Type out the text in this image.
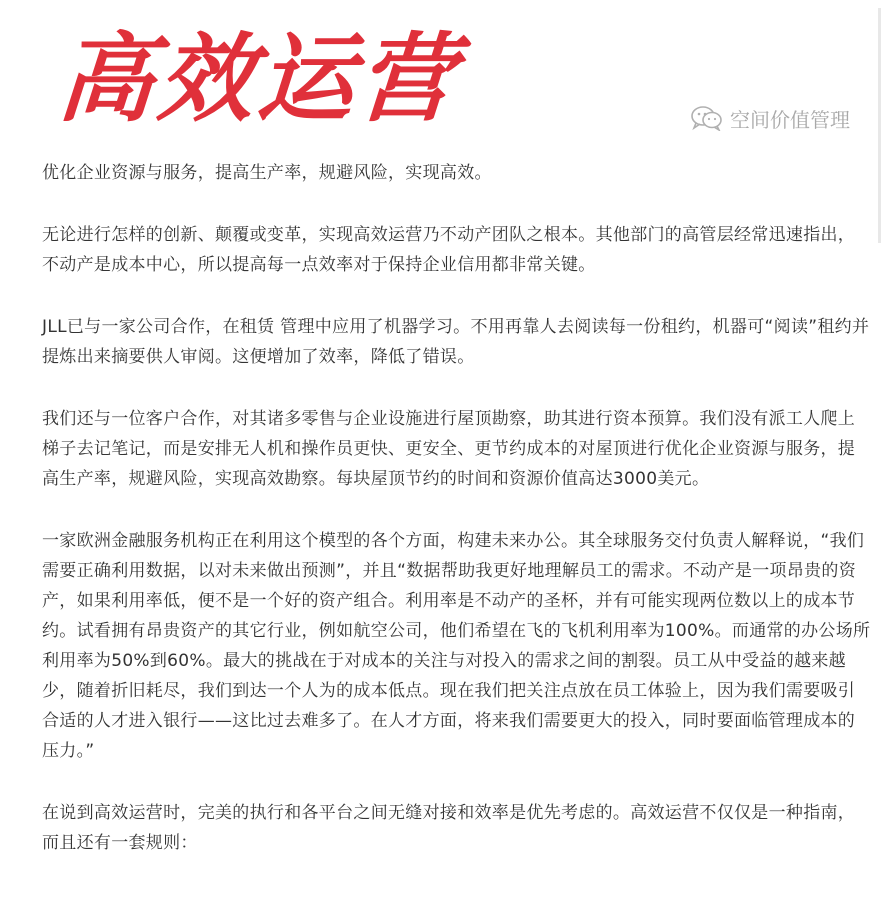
高效运营	空间价值管理

优化企业资源与服务，提高生产率，规避风险，实现高效。

无论进行怎样的创新、颠覆或变革，实现高效运营乃不动产团队之根本。其他部门的高管层经常迅速指出，
不动产是成本中心，所以提高每一点效率对于保持企业信用都非常关键。

JLL已与一家公司合作，在租赁 管理中应用了机器学习。不用再靠人去阅读每一份租约，机器可“阅读”租约并
提炼出来摘要供人审阅。这便增加了效率，降低了错误。

我们还与一位客户合作，对其诸多零售与企业设施进行屋顶勘察，助其进行资本预算。我们没有派工人爬上
梯子去记笔记，而是安排无人机和操作员更快、更安全、更节约成本的对屋顶进行优化企业资源与服务，提
高生产率，规避风险，实现高效勘察。每块屋顶节约的时间和资源价值高达3000美元。

一家欧洲金融服务机构正在利用这个模型的各个方面，构建未来办公。其全球服务交付负责人解释说，“我们
需要正确利用数据，以对未来做出预测”，并且“数据帮助我更好地理解员工的需求。不动产是一项昂贵的资
产，如果利用率低，便不是一个好的资产组合。利用率是不动产的圣杯，并有可能实现两位数以上的成本节
约。试看拥有昂贵资产的其它行业，例如航空公司，他们希望在飞的飞机利用率为100%。而通常的办公场所
利用率为50%到60%。最大的挑战在于对成本的关注与对投入的需求之间的割裂。员工从中受益的越来越
少，随着折旧耗尽，我们到达一个人为的成本低点。现在我们把关注点放在员工体验上，因为我们需要吸引
合适的人才进入银行——这比过去难多了。在人才方面，将来我们需要更大的投入，同时要面临管理成本的
压力。”

在说到高效运营时，完美的执行和各平台之间无缝对接和效率是优先考虑的。高效运营不仅仅是一种指南，
而且还有一套规则：
